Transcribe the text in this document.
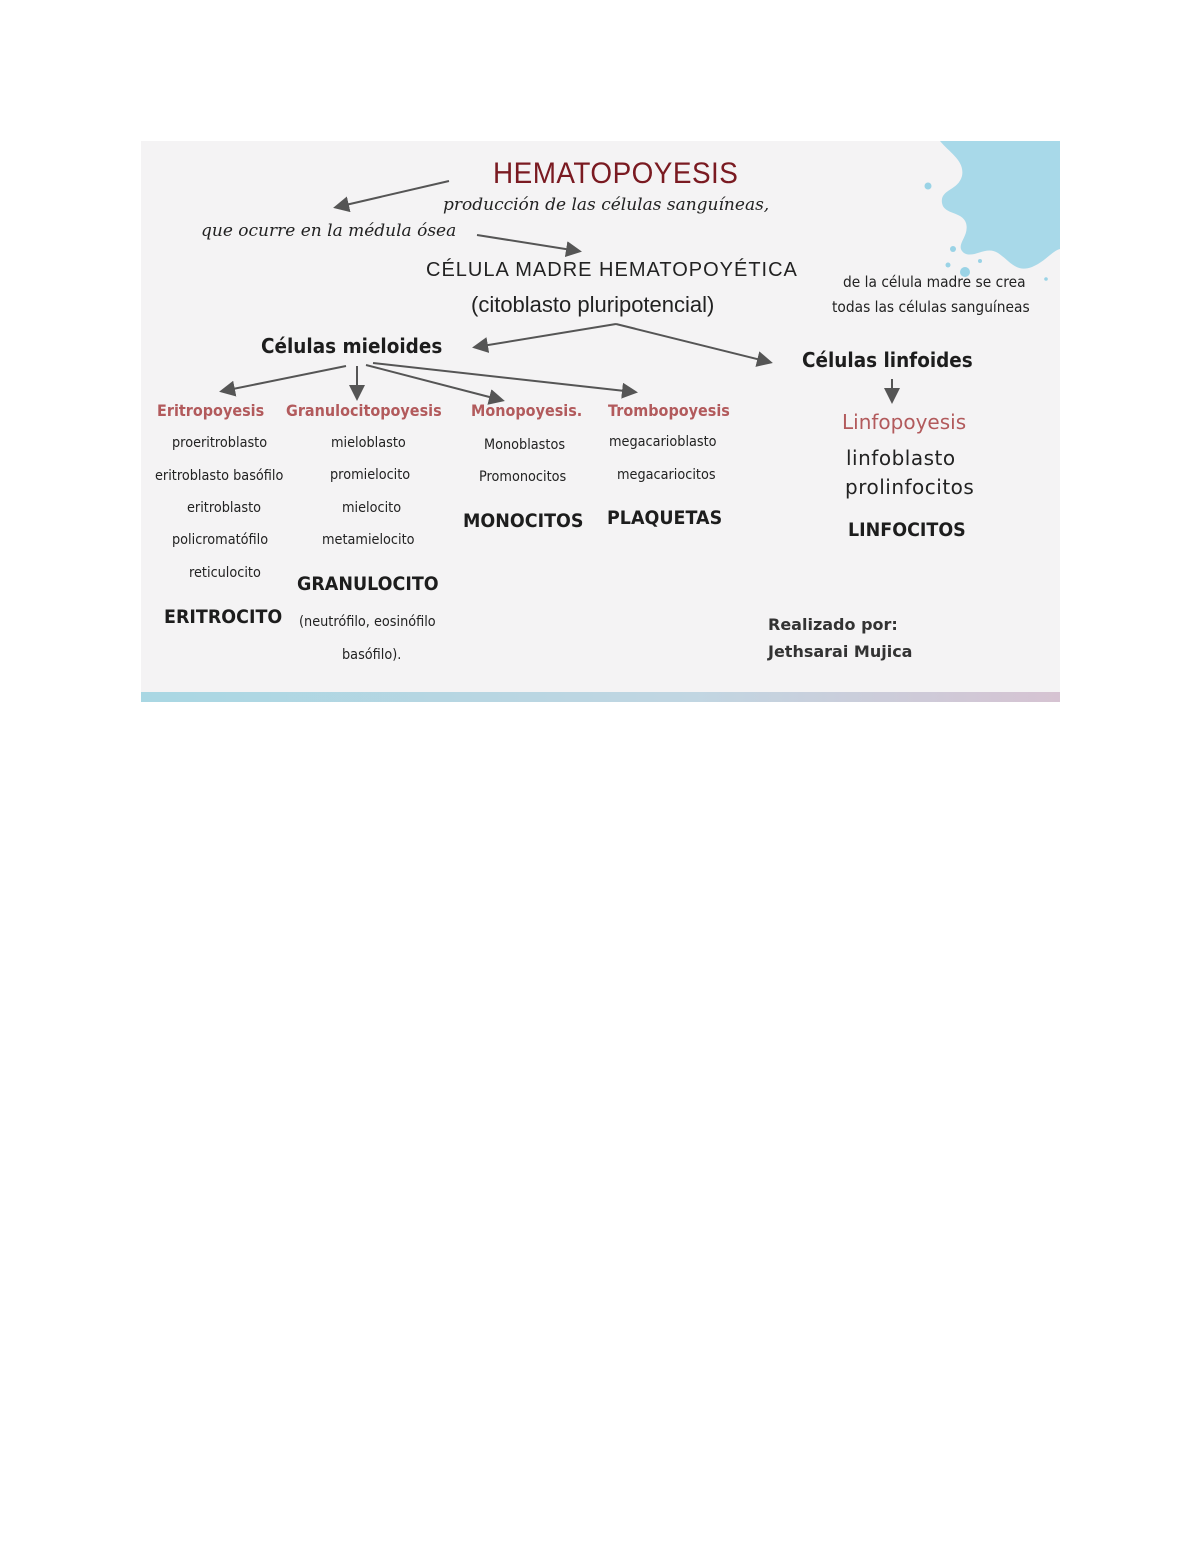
HEMATOPOYESIS
producción de las células sanguíneas,
que ocurre en la médula ósea
CÉLULA MADRE HEMATOPOYÉTICA
(citoblasto pluripotencial)
de la célula madre se crea
todas las células sanguíneas
Células mieloides
Células linfoides
Eritropoyesis
proeritroblasto
eritroblasto basófilo
eritroblasto
policromatófilo
reticulocito
ERITROCITO
Granulocitopoyesis
mieloblasto
promielocito
mielocito
metamielocito
GRANULOCITO
(neutrófilo, eosinófilo
basófilo).
Monopoyesis.
Monoblastos
Promonocitos
MONOCITOS
Trombopoyesis
megacarioblasto
megacariocitos
PLAQUETAS
Linfopoyesis
linfoblasto
prolinfocitos
LINFOCITOS
Realizado por:
Jethsarai Mujica
